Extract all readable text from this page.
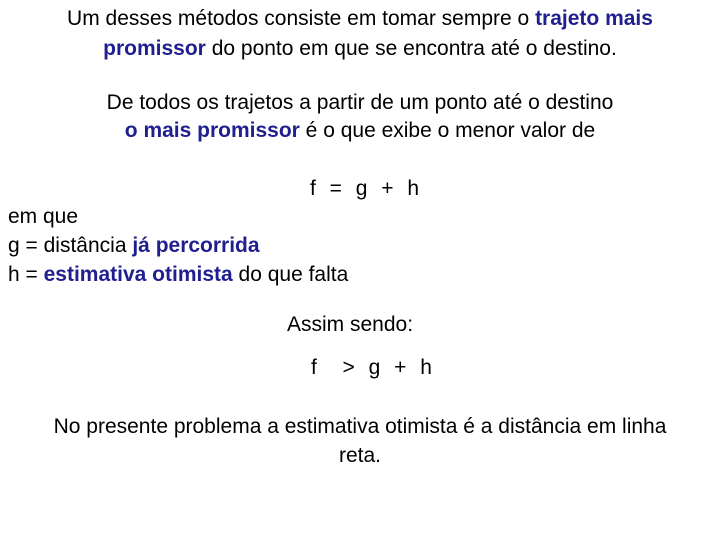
Um desses métodos consiste em tomar sempre o trajeto mais
promissor do ponto em que se encontra até o destino.
De todos os trajetos a partir de um ponto até o destino
o mais promissor é o que exibe o menor valor de
f = g + h
em que
g = distância já percorrida
h = estimativa otimista do que falta
Assim sendo:
f  > g + h
No presente problema a estimativa otimista é a distância em linha
reta.
